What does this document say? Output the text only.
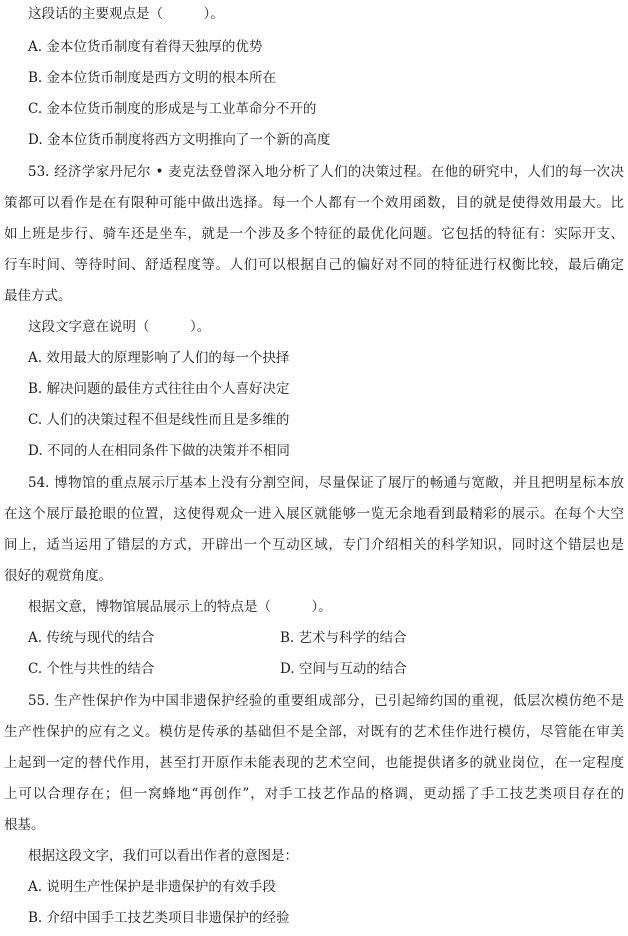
这段话的主要观点是（　　　）。
A. 金本位货币制度有着得天独厚的优势
B. 金本位货币制度是西方文明的根本所在
C. 金本位货币制度的形成是与工业革命分不开的
D. 金本位货币制度将西方文明推向了一个新的高度
53. 经济学家丹尼尔 • 麦克法登曾深入地分析了人们的决策过程。在他的研究中，人们的每一次决
策都可以看作是在有限种可能中做出选择。每一个人都有一个效用函数，目的就是使得效用最大。比
如上班是步行、骑车还是坐车，就是一个涉及多个特征的最优化问题。它包括的特征有：实际开支、
行车时间、等待时间、舒适程度等。人们可以根据自己的偏好对不同的特征进行权衡比较，最后确定
最佳方式。
这段文字意在说明（　　　）。
A. 效用最大的原理影响了人们的每一个抉择
B. 解决问题的最佳方式往往由个人喜好决定
C. 人们的决策过程不但是线性而且是多维的
D. 不同的人在相同条件下做的决策并不相同
54. 博物馆的重点展示厅基本上没有分割空间，尽量保证了展厅的畅通与宽敞，并且把明星标本放
在这个展厅最抢眼的位置，这使得观众一进入展区就能够一览无余地看到最精彩的展示。在每个大空
间上，适当运用了错层的方式，开辟出一个互动区域，专门介绍相关的科学知识，同时这个错层也是
很好的观赏角度。
根据文意，博物馆展品展示上的特点是（　　　）。
A. 传统与现代的结合	B. 艺术与科学的结合
C. 个性与共性的结合	D. 空间与互动的结合
55. 生产性保护作为中国非遗保护经验的重要组成部分，已引起缔约国的重视，低层次模仿绝不是
生产性保护的应有之义。模仿是传承的基础但不是全部，对既有的艺术佳作进行模仿，尽管能在审美
上起到一定的替代作用，甚至打开原作未能表现的艺术空间，也能提供诸多的就业岗位，在一定程度
上可以合理存在；但一窝蜂地“再创作”，对手工技艺作品的格调，更动摇了手工技艺类项目存在的
根基。
根据这段文字，我们可以看出作者的意图是：
A. 说明生产性保护是非遗保护的有效手段
B. 介绍中国手工技艺类项目非遗保护的经验
